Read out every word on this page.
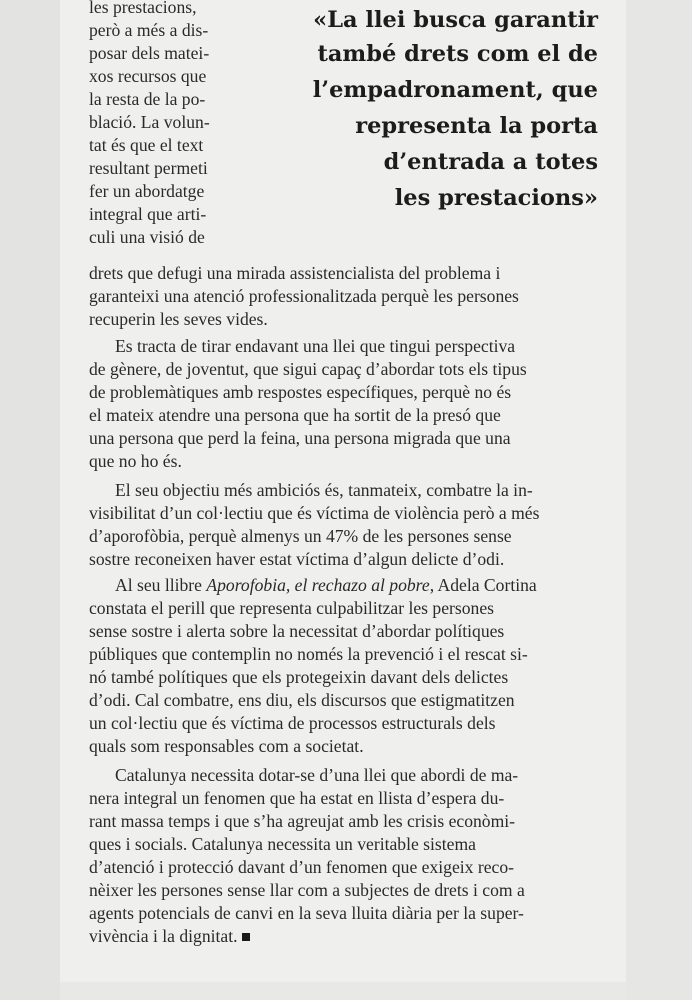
les prestacions,
però a més a dis-
posar dels matei-
xos recursos que
la resta de la po-
blació. La volun-
tat és que el text
resultant permeti
fer un abordatge
integral que arti-
culi una visió de
«La llei busca garantir
també drets com el de
l’empadronament, que
representa la porta
d’entrada a totes
les prestacions»
drets que defugi una mirada assistencialista del problema i
garanteixi una atenció professionalitzada perquè les persones
recuperin les seves vides.
Es tracta de tirar endavant una llei que tingui perspectiva
de gènere, de joventut, que sigui capaç d’abordar tots els tipus
de problemàtiques amb respostes específiques, perquè no és
el mateix atendre una persona que ha sortit de la presó que
una persona que perd la feina, una persona migrada que una
que no ho és.
El seu objectiu més ambiciós és, tanmateix, combatre la in-
visibilitat d’un col·lectiu que és víctima de violència però a més
d’aporofòbia, perquè almenys un 47% de les persones sense
sostre reconeixen haver estat víctima d’algun delicte d’odi.
Al seu llibre Aporofobia, el rechazo al pobre, Adela Cortina
constata el perill que representa culpabilitzar les persones
sense sostre i alerta sobre la necessitat d’abordar polítiques
públiques que contemplin no només la prevenció i el rescat si-
nó també polítiques que els protegeixin davant dels delictes
d’odi. Cal combatre, ens diu, els discursos que estigmatitzen
un col·lectiu que és víctima de processos estructurals dels
quals som responsables com a societat.
Catalunya necessita dotar-se d’una llei que abordi de ma-
nera integral un fenomen que ha estat en llista d’espera du-
rant massa temps i que s’ha agreujat amb les crisis econòmi-
ques i socials. Catalunya necessita un veritable sistema
d’atenció i protecció davant d’un fenomen que exigeix reco-
nèixer les persones sense llar com a subjectes de drets i com a
agents potencials de canvi en la seva lluita diària per la super-
vivència i la dignitat.
